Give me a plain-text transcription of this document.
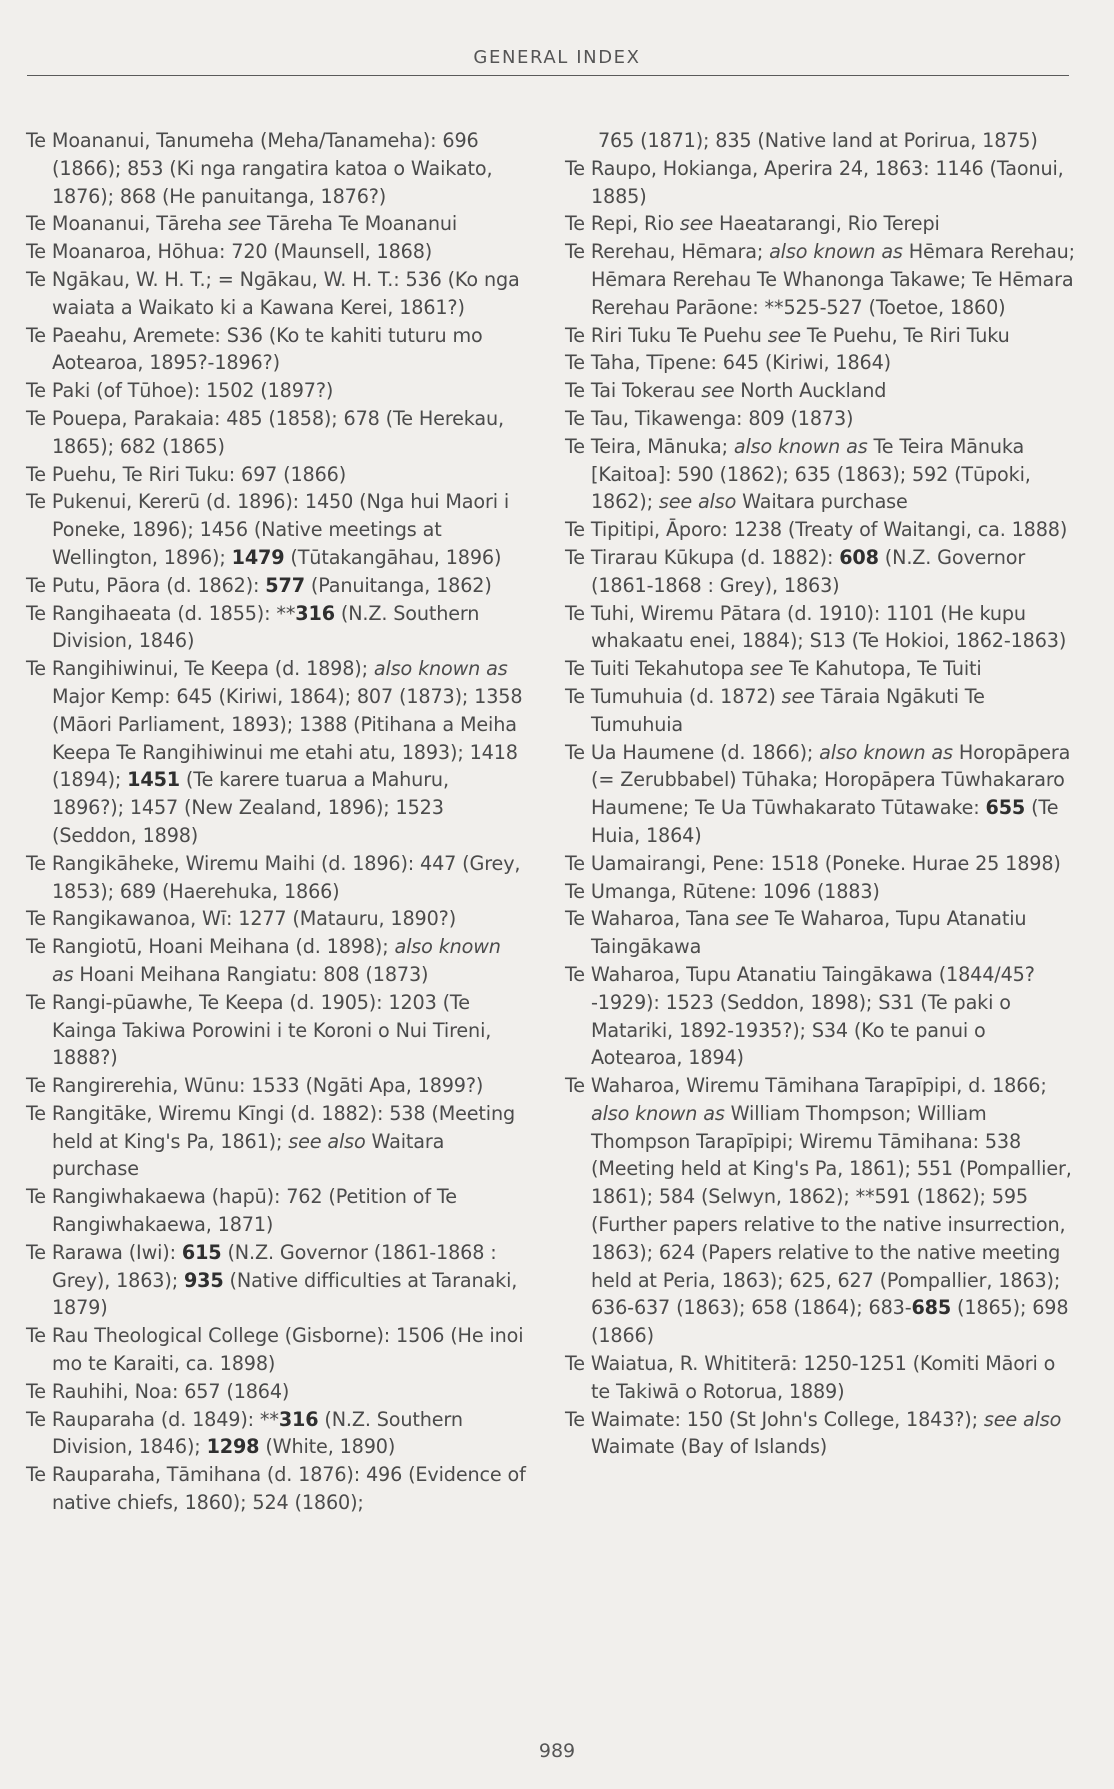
GENERAL INDEX

Te Moananui, Tanumeha (Meha/Tanameha): 696 (1866); 853 (Ki nga rangatira katoa o Waikato, 1876); 868 (He panuitanga, 1876?)

Te Moananui, Tāreha see Tāreha Te Moananui

Te Moanaroa, Hōhua: 720 (Maunsell, 1868)

Te Ngākau, W. H. T.; = Ngākau, W. H. T.: 536 (Ko nga waiata a Waikato ki a Kawana Kerei, 1861?)

Te Paeahu, Aremete: S36 (Ko te kahiti tuturu mo Aotearoa, 1895?-1896?)

Te Paki (of Tūhoe): 1502 (1897?)

Te Pouepa, Parakaia: 485 (1858); 678 (Te Herekau, 1865); 682 (1865)

Te Puehu, Te Riri Tuku: 697 (1866)

Te Pukenui, Kererū (d. 1896): 1450 (Nga hui Maori i Poneke, 1896); 1456 (Native meetings at Wellington, 1896); 1479 (Tūtakangāhau, 1896)

Te Putu, Pāora (d. 1862): 577 (Panuitanga, 1862)

Te Rangihaeata (d. 1855): **316 (N.Z. Southern Division, 1846)

Te Rangihiwinui, Te Keepa (d. 1898); also known as Major Kemp: 645 (Kiriwi, 1864); 807 (1873); 1358 (Māori Parliament, 1893); 1388 (Pitihana a Meiha Keepa Te Rangihiwinui me etahi atu, 1893); 1418 (1894); 1451 (Te karere tuarua a Mahuru, 1896?); 1457 (New Zealand, 1896); 1523 (Seddon, 1898)

Te Rangikāheke, Wiremu Maihi (d. 1896): 447 (Grey, 1853); 689 (Haerehuka, 1866)

Te Rangikawanoa, Wī: 1277 (Matauru, 1890?)

Te Rangiotū, Hoani Meihana (d. 1898); also known as Hoani Meihana Rangiatu: 808 (1873)

Te Rangi-pūawhe, Te Keepa (d. 1905): 1203 (Te Kainga Takiwa Porowini i te Koroni o Nui Tireni, 1888?)

Te Rangirerehia, Wūnu: 1533 (Ngāti Apa, 1899?)

Te Rangitāke, Wiremu Kīngi (d. 1882): 538 (Meeting held at King's Pa, 1861); see also Waitara purchase

Te Rangiwhakaewa (hapū): 762 (Petition of Te Rangiwhakaewa, 1871)

Te Rarawa (Iwi): 615 (N.Z. Governor (1861-1868 : Grey), 1863); 935 (Native difficulties at Taranaki, 1879)

Te Rau Theological College (Gisborne): 1506 (He inoi mo te Karaiti, ca. 1898)

Te Rauhihi, Noa: 657 (1864)

Te Rauparaha (d. 1849): **316 (N.Z. Southern Division, 1846); 1298 (White, 1890)

Te Rauparaha, Tāmihana (d. 1876): 496 (Evidence of native chiefs, 1860); 524 (1860);

765 (1871); 835 (Native land at Porirua, 1875)

Te Raupo, Hokianga, Aperira 24, 1863: 1146 (Taonui, 1885)

Te Repi, Rio see Haeatarangi, Rio Terepi

Te Rerehau, Hēmara; also known as Hēmara Rerehau; Hēmara Rerehau Te Whanonga Takawe; Te Hēmara Rerehau Parāone: **525-527 (Toetoe, 1860)

Te Riri Tuku Te Puehu see Te Puehu, Te Riri Tuku

Te Taha, Tīpene: 645 (Kiriwi, 1864)

Te Tai Tokerau see North Auckland

Te Tau, Tikawenga: 809 (1873)

Te Teira, Mānuka; also known as Te Teira Mānuka [Kaitoa]: 590 (1862); 635 (1863); 592 (Tūpoki, 1862); see also Waitara purchase

Te Tipitipi, Āporo: 1238 (Treaty of Waitangi, ca. 1888)

Te Tirarau Kūkupa (d. 1882): 608 (N.Z. Governor (1861-1868 : Grey), 1863)

Te Tuhi, Wiremu Pātara (d. 1910): 1101 (He kupu whakaatu enei, 1884); S13 (Te Hokioi, 1862-1863)

Te Tuiti Tekahutopa see Te Kahutopa, Te Tuiti

Te Tumuhuia (d. 1872) see Tāraia Ngākuti Te Tumuhuia

Te Ua Haumene (d. 1866); also known as Horopāpera (= Zerubbabel) Tūhaka; Horopāpera Tūwhakararo Haumene; Te Ua Tūwhakarato Tūtawake: 655 (Te Huia, 1864)

Te Uamairangi, Pene: 1518 (Poneke. Hurae 25 1898)

Te Umanga, Rūtene: 1096 (1883)

Te Waharoa, Tana see Te Waharoa, Tupu Atanatiu Taingākawa

Te Waharoa, Tupu Atanatiu Taingākawa (1844/45?-1929): 1523 (Seddon, 1898); S31 (Te paki o Matariki, 1892-1935?); S34 (Ko te panui o Aotearoa, 1894)

Te Waharoa, Wiremu Tāmihana Tarapīpipi, d. 1866; also known as William Thompson; William Thompson Tarapīpipi; Wiremu Tāmihana: 538 (Meeting held at King's Pa, 1861); 551 (Pompallier, 1861); 584 (Selwyn, 1862); **591 (1862); 595 (Further papers relative to the native insurrection, 1863); 624 (Papers relative to the native meeting held at Peria, 1863); 625, 627 (Pompallier, 1863); 636-637 (1863); 658 (1864); 683-685 (1865); 698 (1866)

Te Waiatua, R. Whititerā: 1250-1251 (Komiti Māori o te Takiwā o Rotorua, 1889)

Te Waimate: 150 (St John's College, 1843?); see also Waimate (Bay of Islands)

989
